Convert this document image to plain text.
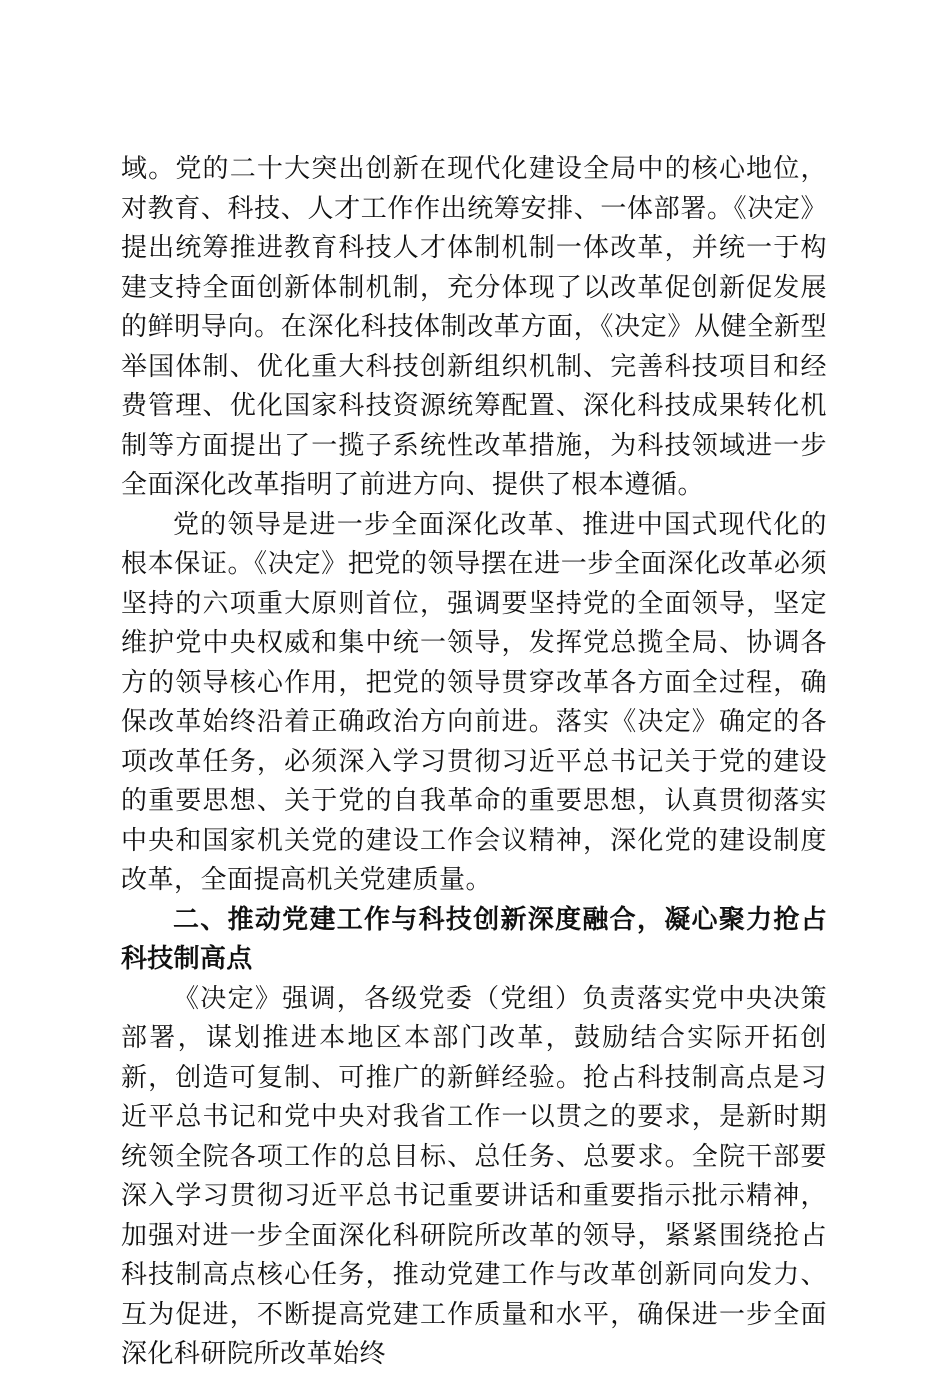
域。党的二十大突出创新在现代化建设全局中的核心地位，对教育、科技、人才工作作出统筹安排、一体部署。《决定》提出统筹推进教育科技人才体制机制一体改革，并统一于构建支持全面创新体制机制，充分体现了以改革促创新促发展的鲜明导向。在深化科技体制改革方面，《决定》从健全新型举国体制、优化重大科技创新组织机制、完善科技项目和经费管理、优化国家科技资源统筹配置、深化科技成果转化机制等方面提出了一揽子系统性改革措施，为科技领域进一步全面深化改革指明了前进方向、提供了根本遵循。

党的领导是进一步全面深化改革、推进中国式现代化的根本保证。《决定》把党的领导摆在进一步全面深化改革必须坚持的六项重大原则首位，强调要坚持党的全面领导，坚定维护党中央权威和集中统一领导，发挥党总揽全局、协调各方的领导核心作用，把党的领导贯穿改革各方面全过程，确保改革始终沿着正确政治方向前进。落实《决定》确定的各项改革任务，必须深入学习贯彻习近平总书记关于党的建设的重要思想、关于党的自我革命的重要思想，认真贯彻落实中央和国家机关党的建设工作会议精神，深化党的建设制度改革，全面提高机关党建质量。

二、推动党建工作与科技创新深度融合，凝心聚力抢占科技制高点

《决定》强调，各级党委（党组）负责落实党中央决策部署，谋划推进本地区本部门改革，鼓励结合实际开拓创新，创造可复制、可推广的新鲜经验。抢占科技制高点是习近平总书记和党中央对我省工作一以贯之的要求，是新时期统领全院各项工作的总目标、总任务、总要求。全院干部要深入学习贯彻习近平总书记重要讲话和重要指示批示精神，加强对进一步全面深化科研院所改革的领导，紧紧围绕抢占科技制高点核心任务，推动党建工作与改革创新同向发力、互为促进，不断提高党建工作质量和水平，确保进一步全面深化科研院所改革始终
